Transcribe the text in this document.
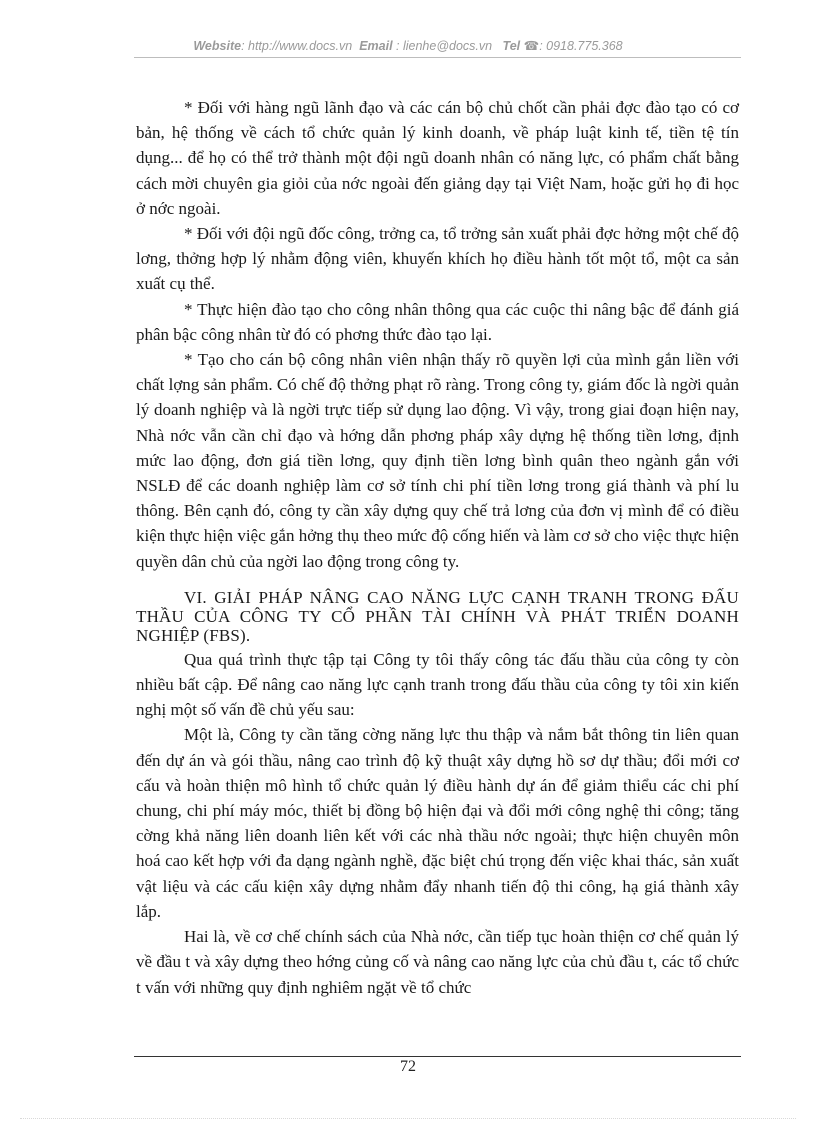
Website: http://www.docs.vn Email : lienhe@docs.vn Tel ☎: 0918.775.368

* Đối với hàng ngũ lãnh đạo và các cán bộ chủ chốt cần phải đợc đào tạo có cơ bản, hệ thống về cách tổ chức quản lý kinh doanh, về pháp luật kinh tế, tiền tệ tín dụng... để họ có thể trở thành một đội ngũ doanh nhân có năng lực, có phẩm chất bằng cách mời chuyên gia giỏi của nớc ngoài đến giảng dạy tại Việt Nam, hoặc gửi họ đi học ở nớc ngoài.

* Đối với đội ngũ đốc công, trởng ca, tổ trởng sản xuất phải đợc hởng một chế độ lơng, thởng hợp lý nhằm động viên, khuyến khích họ điều hành tốt một tổ, một ca sản xuất cụ thể.

* Thực hiện đào tạo cho công nhân thông qua các cuộc thi nâng bậc để đánh giá phân bậc công nhân từ đó có phơng thức đào tạo lại.

* Tạo cho cán bộ công nhân viên nhận thấy rõ quyền lợi của mình gắn liền với chất lợng sản phẩm. Có chế độ thởng phạt rõ ràng. Trong công ty, giám đốc là ngời quản lý doanh nghiệp và là ngời trực tiếp sử dụng lao động. Vì vậy, trong giai đoạn hiện nay, Nhà nớc vẫn cần chỉ đạo và hớng dẫn phơng pháp xây dựng hệ thống tiền lơng, định mức lao động, đơn giá tiền lơng, quy định tiền lơng bình quân theo ngành gắn với NSLĐ để các doanh nghiệp làm cơ sở tính chi phí tiền lơng trong giá thành và phí lu thông. Bên cạnh đó, công ty cần xây dựng quy chế trả lơng của đơn vị mình để có điều kiện thực hiện việc gắn hởng thụ theo mức độ cống hiến và làm cơ sở cho việc thực hiện quyền dân chủ của ngời lao động trong công ty.

VI. GIẢI PHÁP NÂNG CAO NĂNG LỰC CẠNH TRANH TRONG ĐẤU THẦU CỦA CÔNG TY CỔ PHẦN TÀI CHÍNH VÀ PHÁT TRIỂN DOANH NGHIỆP (FBS).

Qua quá trình thực tập tại Công ty tôi thấy công tác đấu thầu của công ty còn nhiều bất cập. Để nâng cao năng lực cạnh tranh trong đấu thầu của công ty tôi xin kiến nghị một số vấn đề chủ yếu sau:

Một là, Công ty cần tăng cờng năng lực thu thập và nắm bắt thông tin liên quan đến dự án và gói thầu, nâng cao trình độ kỹ thuật xây dựng hồ sơ dự thầu; đổi mới cơ cấu và hoàn thiện mô hình tổ chức quản lý điều hành dự án để giảm thiểu các chi phí chung, chi phí máy móc, thiết bị đồng bộ hiện đại và đổi mới công nghệ thi công; tăng cờng khả năng liên doanh liên kết với các nhà thầu nớc ngoài; thực hiện chuyên môn hoá cao kết hợp với đa dạng ngành nghề, đặc biệt chú trọng đến việc khai thác, sản xuất vật liệu và các cấu kiện xây dựng nhằm đẩy nhanh tiến độ thi công, hạ giá thành xây lắp.

Hai là, về cơ chế chính sách của Nhà nớc, cần tiếp tục hoàn thiện cơ chế quản lý về đầu t và xây dựng theo hớng củng cố và nâng cao năng lực của chủ đầu t, các tổ chức t vấn với những quy định nghiêm ngặt về tổ chức

72
